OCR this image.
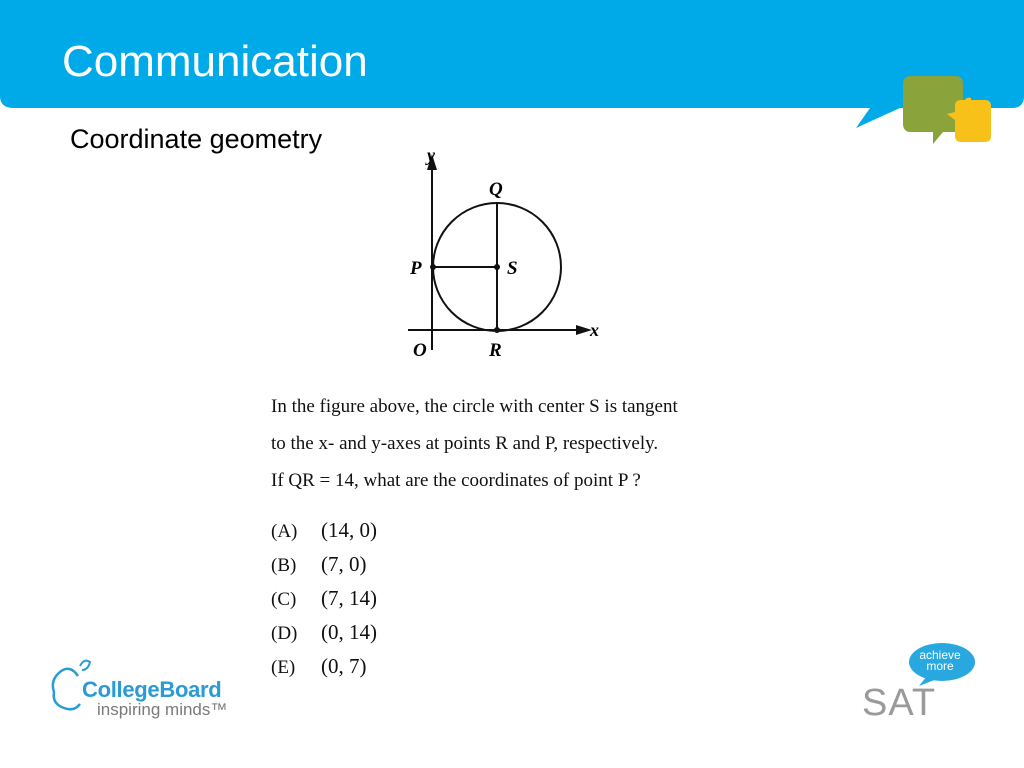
Communication
Coordinate geometry
y
x
O
Q
P	S
R
In the figure above, the circle with center S is tangent
to the x- and y-axes at points R and P, respectively.
If QR = 14, what are the coordinates of point P ?
(A) (14, 0)
(B) (7, 0)
(C) (7, 14)
(D) (0, 14)
(E) (0, 7)
CollegeBoard
inspiring minds™
achieve
more
SAT
